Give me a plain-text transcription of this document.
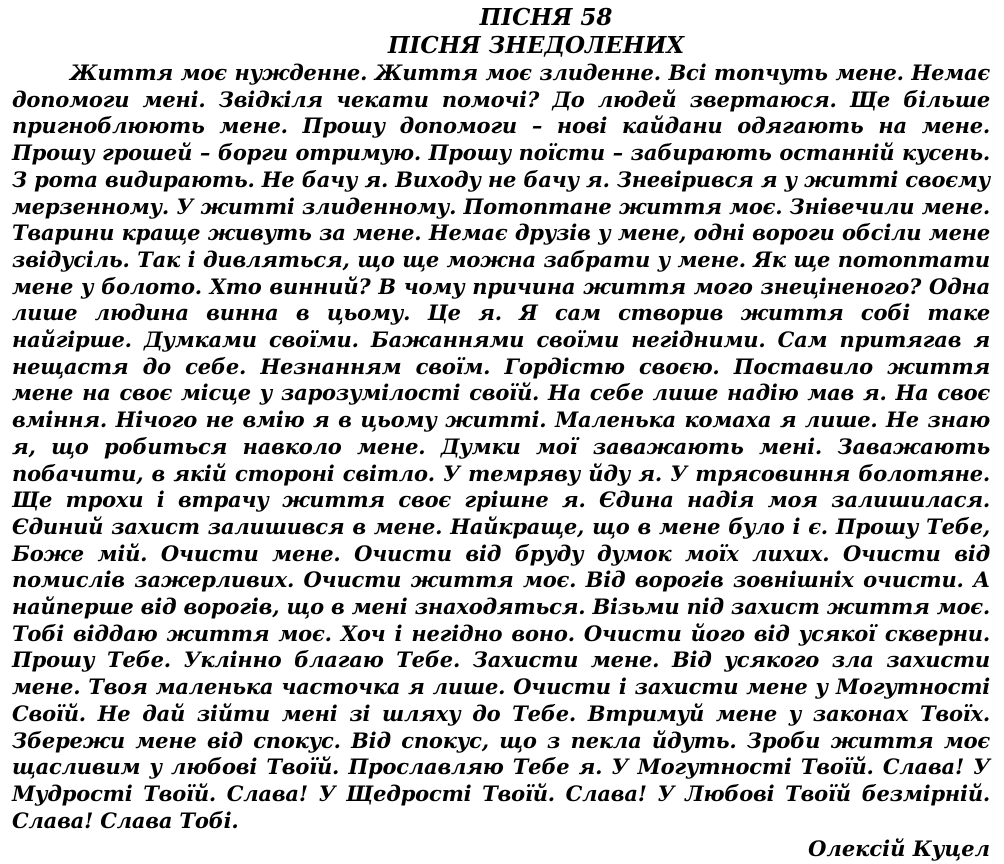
ПІСНЯ 58
ПІСНЯ ЗНЕДОЛЕНИХ

Життя моє нужденне. Життя моє злиденне. Всі топчуть мене. Немає допомоги мені. Звідкіля чекати помочі? До людей звертаюся. Ще більше пригноблюють мене. Прошу допомоги – нові кайдани одягають на мене. Прошу грошей – борги отримую. Прошу поїсти – забирають останній кусень. З рота видирають. Не бачу я. Виходу не бачу я. Зневірився я у житті своєму мерзенному. У житті злиденному. Потоптане життя моє. Знівечили мене. Тварини краще живуть за мене. Немає друзів у мене, одні вороги обсіли мене звідусіль. Так і дивляться, що ще можна забрати у мене. Як ще потоптати мене у болото. Хто винний? В чому причина життя мого знеціненого? Одна лише людина винна в цьому. Це я. Я сам створив життя собі таке найгірше. Думками своїми. Бажаннями своїми негідними. Сам притягав я нещастя до себе. Незнанням своїм. Гордістю своєю. Поставило життя мене на своє місце у зарозумілості своїй. На себе лише надію мав я. На своє вміння. Нічого не вмію я в цьому житті. Маленька комаха я лише. Не знаю я, що робиться навколо мене. Думки мої заважають мені. Заважають побачити, в якій стороні світло. У темряву йду я. У трясовиння болотяне. Ще трохи і втрачу життя своє грішне я. Єдина надія моя залишилася. Єдиний захист залишився в мене. Найкраще, що в мене було і є. Прошу Тебе, Боже мій. Очисти мене. Очисти від бруду думок моїх лихих. Очисти від помислів зажерливих. Очисти життя моє. Від ворогів зовнішніх очисти. А найперше від ворогів, що в мені знаходяться. Візьми під захист життя моє. Тобі віддаю життя моє. Хоч і негідно воно. Очисти його від усякої скверни. Прошу Тебе. Уклінно благаю Тебе. Захисти мене. Від усякого зла захисти мене. Твоя маленька часточка я лише. Очисти і захисти мене у Могутності Своїй. Не дай зійти мені зі шляху до Тебе. Втримуй мене у законах Твоїх. Збережи мене від спокус. Від спокус, що з пекла йдуть. Зроби життя моє щасливим у любові Твоїй. Прославляю Тебе я. У Могутності Твоїй. Слава! У Мудрості Твоїй. Слава! У Щедрості Твоїй. Слава! У Любові Твоїй безмірній. Слава! Слава Тобі.

Олексій Куцел
